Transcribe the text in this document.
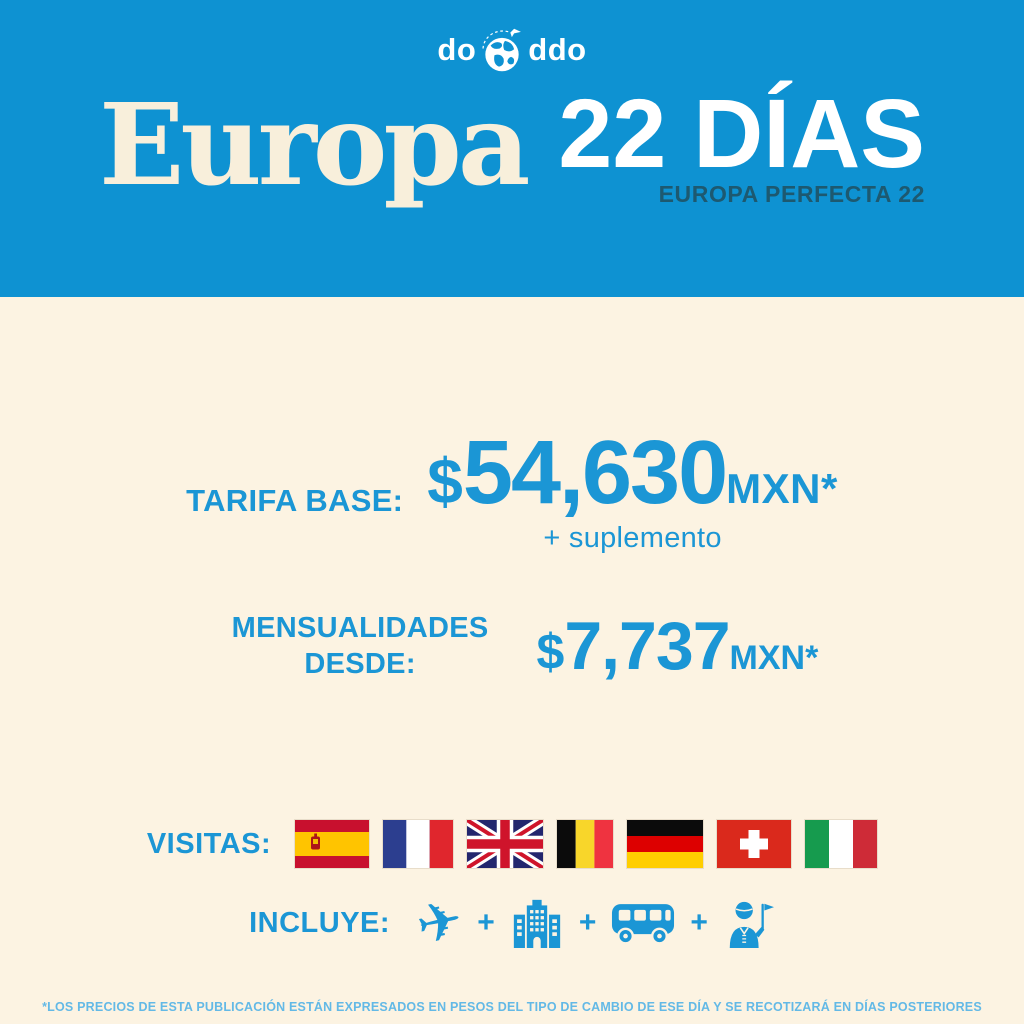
do ddo
Europa 22 DÍAS
EUROPA PERFECTA 22
TARIFA BASE: $ 54,630 MXN*
+ suplemento
MENSUALIDADES
DESDE:	$ 7,737 MXN*
VISITAS:
INCLUYE: ✈ +	+	+
*LOS PRECIOS DE ESTA PUBLICACIÓN ESTÁN EXPRESADOS EN PESOS DEL TIPO DE CAMBIO DE ESE DÍA Y SE RECOTIZARÁ EN DÍAS POSTERIORES
